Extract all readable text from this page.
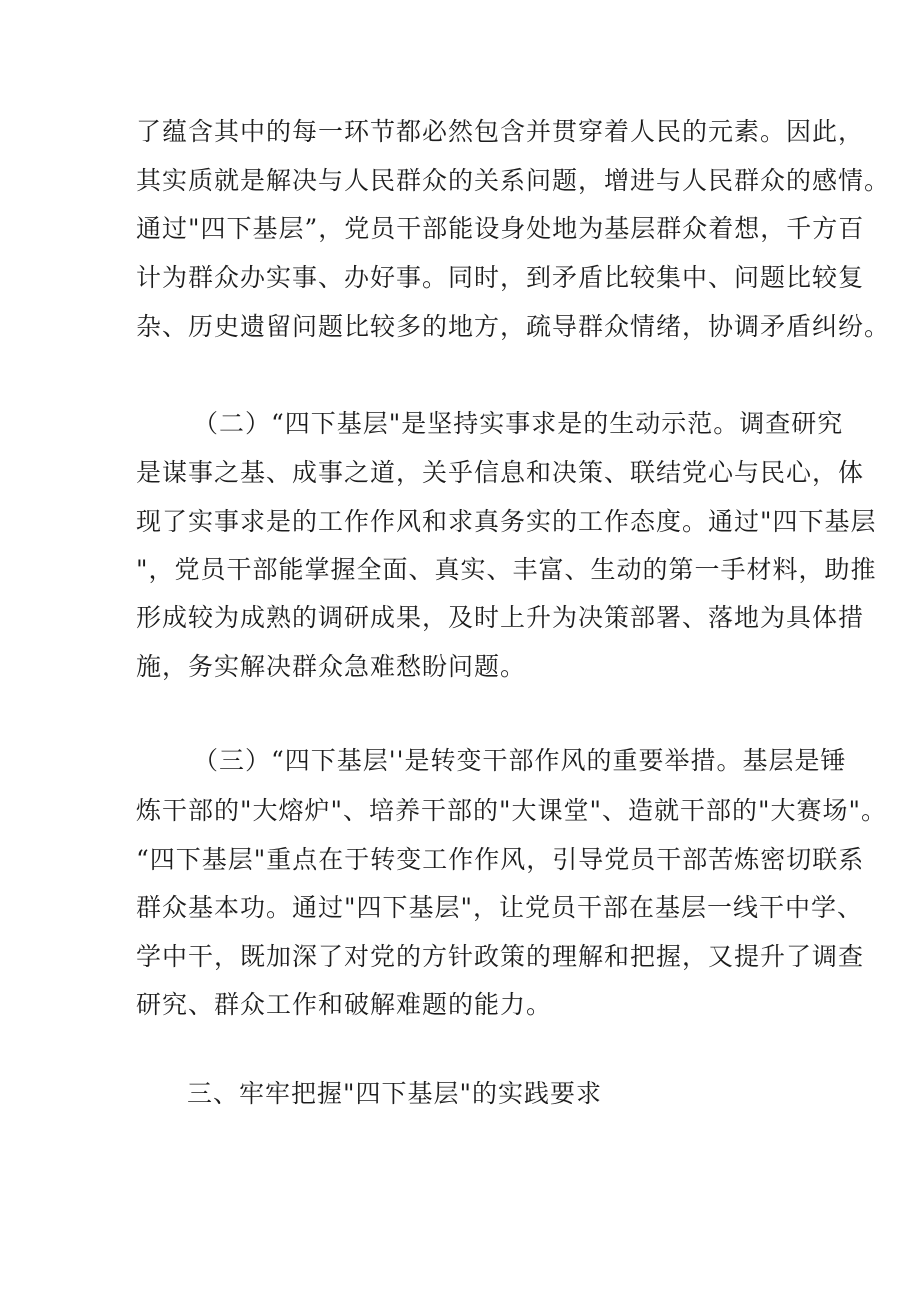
了蕴含其中的每一环节都必然包含并贯穿着人民的元素。因此，
其实质就是解决与人民群众的关系问题，增进与人民群众的感情。
通过"四下基层”，党员干部能设身处地为基层群众着想，千方百
计为群众办实事、办好事。同时，到矛盾比较集中、问题比较复
杂、历史遗留问题比较多的地方，疏导群众情绪，协调矛盾纠纷。
（二）“四下基层"是坚持实事求是的生动示范。调查研究
是谋事之基、成事之道，关乎信息和决策、联结党心与民心，体
现了实事求是的工作作风和求真务实的工作态度。通过"四下基层
"，党员干部能掌握全面、真实、丰富、生动的第一手材料，助推
形成较为成熟的调研成果，及时上升为决策部署、落地为具体措
施，务实解决群众急难愁盼问题。
（三）“四下基层''是转变干部作风的重要举措。基层是锤
炼干部的"大熔炉"、培养干部的"大课堂"、造就干部的"大赛场"。
“四下基层"重点在于转变工作作风，引导党员干部苦炼密切联系
群众基本功。通过"四下基层"，让党员干部在基层一线干中学、
学中干，既加深了对党的方针政策的理解和把握，又提升了调查
研究、群众工作和破解难题的能力。
三、牢牢把握"四下基层"的实践要求
